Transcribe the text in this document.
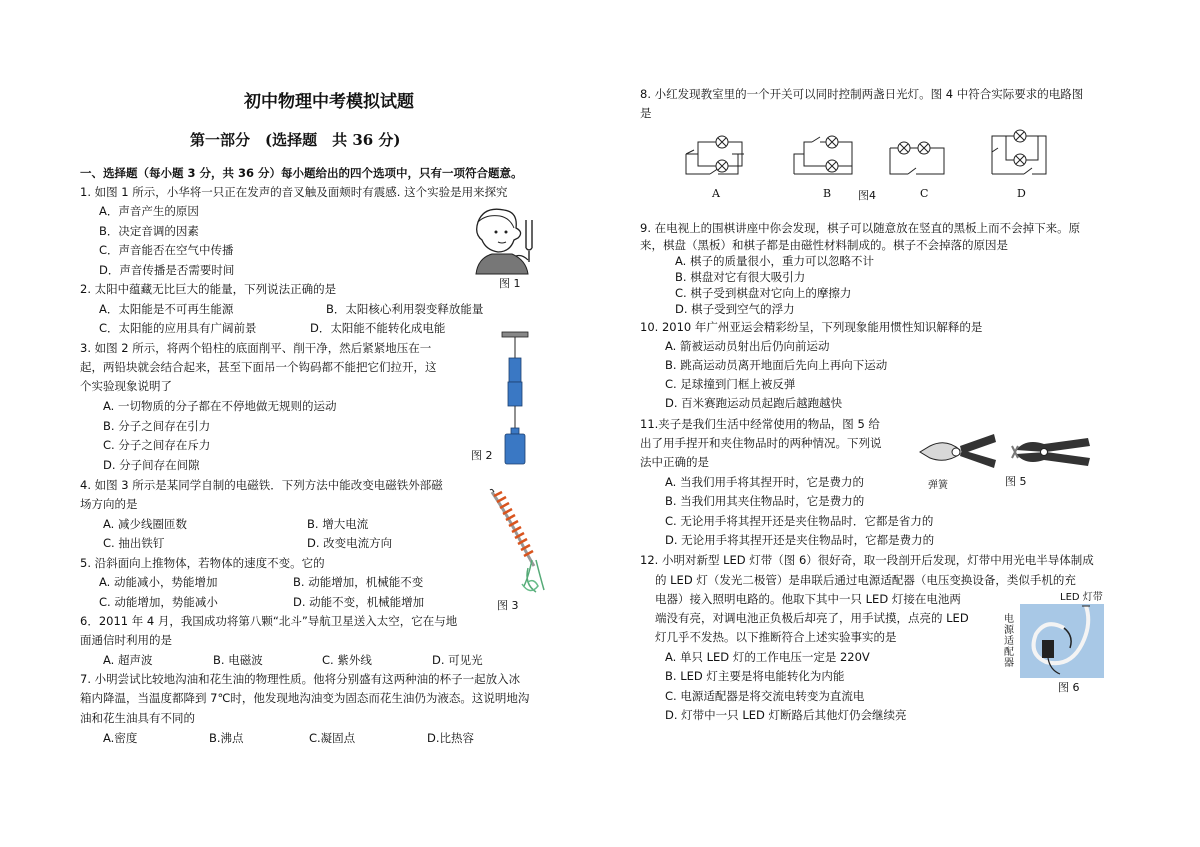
初中物理中考模拟试题
第一部分　(选择题　共 36 分)
一、选择题（每小题 3 分，共 36 分）每小题给出的四个选项中，只有一项符合题意。
1. 如图 1 所示，小华将一只正在发声的音叉触及面颊时有震感. 这个实验是用来探究
A．声音产生的原因
B．决定音调的因素
C．声音能否在空气中传播
D．声音传播是否需要时间
图 1
2. 太阳中蕴藏无比巨大的能量，下列说法正确的是
A．太阳能是不可再生能源	B．太阳核心利用裂变释放能量
C．太阳能的应用具有广阔前景	D．太阳能不能转化成电能
3. 如图 2 所示，将两个铅柱的底面削平、削干净，然后紧紧地压在一
起，两铅块就会结合起来，甚至下面吊一个钩码都不能把它们拉开，这
个实验现象说明了
A. 一切物质的分子都在不停地做无规则的运动
B. 分子之间存在引力
C. 分子之间存在斥力
D. 分子间存在间隙
图 2
4. 如图 3 所示是某同学自制的电磁铁．下列方法中能改变电磁铁外部磁
场方向的是
A. 减少线圈匝数	B. 增大电流
C. 抽出铁钉	D. 改变电流方向
图 3
5. 沿斜面向上推物体，若物体的速度不变。它的
A. 动能减小，势能增加	B. 动能增加，机械能不变
C. 动能增加，势能减小	D. 动能不变，机械能增加
6．2011 年 4 月，我国成功将第八颗“北斗”导航卫星送入太空，它在与地
面通信时利用的是
A. 超声波	B. 电磁波	C. 紫外线	D. 可见光
7. 小明尝试比较地沟油和花生油的物理性质。他将分别盛有这两种油的杯子一起放入冰
箱内降温，当温度都降到 7℃时，他发现地沟油变为固态而花生油仍为液态。这说明地沟
油和花生油具有不同的
A.密度	B.沸点	C.凝固点	D.比热容
8. 小红发现教室里的一个开关可以同时控制两盏日光灯。图 4 中符合实际要求的电路图
是
A	B 图4	C	D
9. 在电视上的围棋讲座中你会发现，棋子可以随意放在竖直的黑板上而不会掉下来。原
来，棋盘（黑板）和棋子都是由磁性材料制成的。棋子不会掉落的原因是
A. 棋子的质量很小，重力可以忽略不计
B. 棋盘对它有很大吸引力
C. 棋子受到棋盘对它向上的摩擦力
D. 棋子受到空气的浮力
10. 2010 年广州亚运会精彩纷呈，下列现象能用惯性知识解释的是
A. 箭被运动员射出后仍向前运动
B. 跳高运动员离开地面后先向上再向下运动
C. 足球撞到门框上被反弹
D. 百米赛跑运动员起跑后越跑越快
11.夹子是我们生活中经常使用的物品，图 5 给
出了用手捏开和夹住物品时的两种情况。下列说
法中正确的是
A. 当我们用手将其捏开时，它是费力的
B. 当我们用其夹住物品时，它是费力的
C. 无论用手将其捏开还是夹住物品时．它都是省力的
D. 无论用手将其捏开还是夹住物品时，它都是费力的
弹簧	图 5
12. 小明对新型 LED 灯带（图 6）很好奇，取一段剖开后发现，灯带中用光电半导体制成
的 LED 灯（发光二极管）是串联后通过电源适配器（电压变换设备，类似手机的充
电器）接入照明电路的。他取下其中一只 LED 灯接在电池两
端没有亮，对调电池正负极后却亮了，用手试摸，点亮的 LED
灯几乎不发热。以下推断符合上述实验事实的是
A. 单只 LED 灯的工作电压一定是 220V
B. LED 灯主要是将电能转化为内能
C. 电源适配器是将交流电转变为直流电
D. 灯带中一只 LED 灯断路后其他灯仍会继续亮
LED 灯带
电源适配器
图 6
